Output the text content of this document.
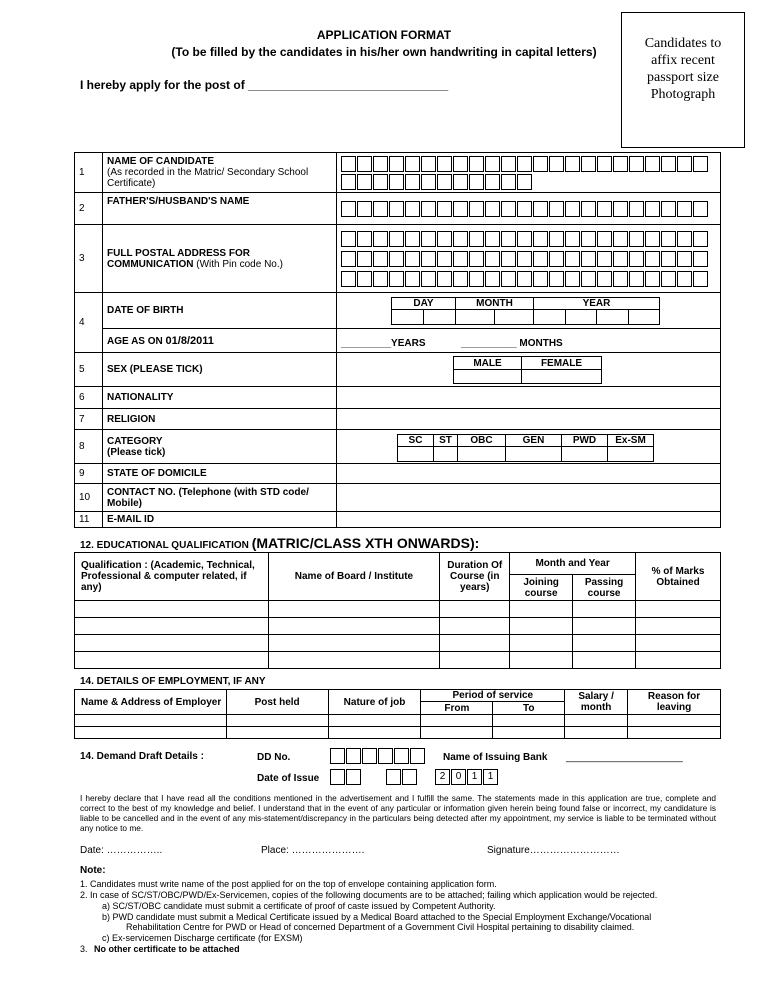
APPLICATION FORMAT
(To be filled by the candidates in his/her own handwriting in capital letters)
I hereby apply for the post of ______________________________
Candidates to
affix recent
passport size
Photograph
1	
NAME OF CANDIDATE
(As recorded in the Matric/ Secondary School Certificate)

2	FATHER'S/HUSBAND'S NAME	

3	FULL POSTAL ADDRESS FOR COMMUNICATION (With Pin code No.)	

4	DATE OF BIRTH	
DAY	MONTH	YEAR

AGE AS ON 01/8/2011	_________YEARS	__________ MONTHS

5	SEX (PLEASE TICK)	
MALE	FEMALE

6	NATIONALITY	
7	RELIGION	
8	CATEGORY
(Please tick)

SC	ST	OBC	GEN	PWD	Ex-SM

9	STATE OF DOMICILE	
10	CONTACT NO. (Telephone (with STD code/ Mobile)	
11	E-MAIL ID	
12. EDUCATIONAL QUALIFICATION (MATRIC/CLASS XTH ONWARDS):
Qualification : (Academic, Technical, Professional & computer related, if any)	Name of Board / Institute	Duration Of Course (in years)	Month and Year		% of Marks Obtained
			Joining course	Passing course	

14. DETAILS OF EMPLOYMENT, IF ANY
Name & Address of Employer	Post held	Nature of job	Period of service		Salary / month	Reason for leaving
			From	To		

14. Demand Draft Details :	DD No.	Name of Issuing Bank _____________________
Date of Issue	2	0	1	1
I hereby declare that I have read all the conditions mentioned in the advertisement and I fulfill the same. The statements made in this application are true, complete and correct to the best of my knowledge and belief. I understand that in the event of any particular or information given herein being found false or incorrect, my candidature is liable to be cancelled and in the event of any mis-statement/discrepancy in the particulars being detected after my appointment, my service is liable to be terminated without any notice to me.
Date: ……………..	Place: ………………….	Signature………………………
Note:
1. Candidates must write name of the post applied for on the top of envelope containing application form.
2. In case of SC/ST/OBC/PWD/Ex-Servicemen, copies of the following documents are to be attached; failing which application would be rejected.
a) SC/ST/OBC candidate must submit a certificate of proof of caste issued by Competent Authority.
b) PWD candidate must submit a Medical Certificate issued by a Medical Board attached to the Special Employment Exchange/Vocational
Rehabilitation Centre for PWD or Head of concerned Department of a Government Civil Hospital pertaining to disability claimed.
c) Ex-servicemen Discharge certificate (for EXSM)
3. No other certificate to be attached
